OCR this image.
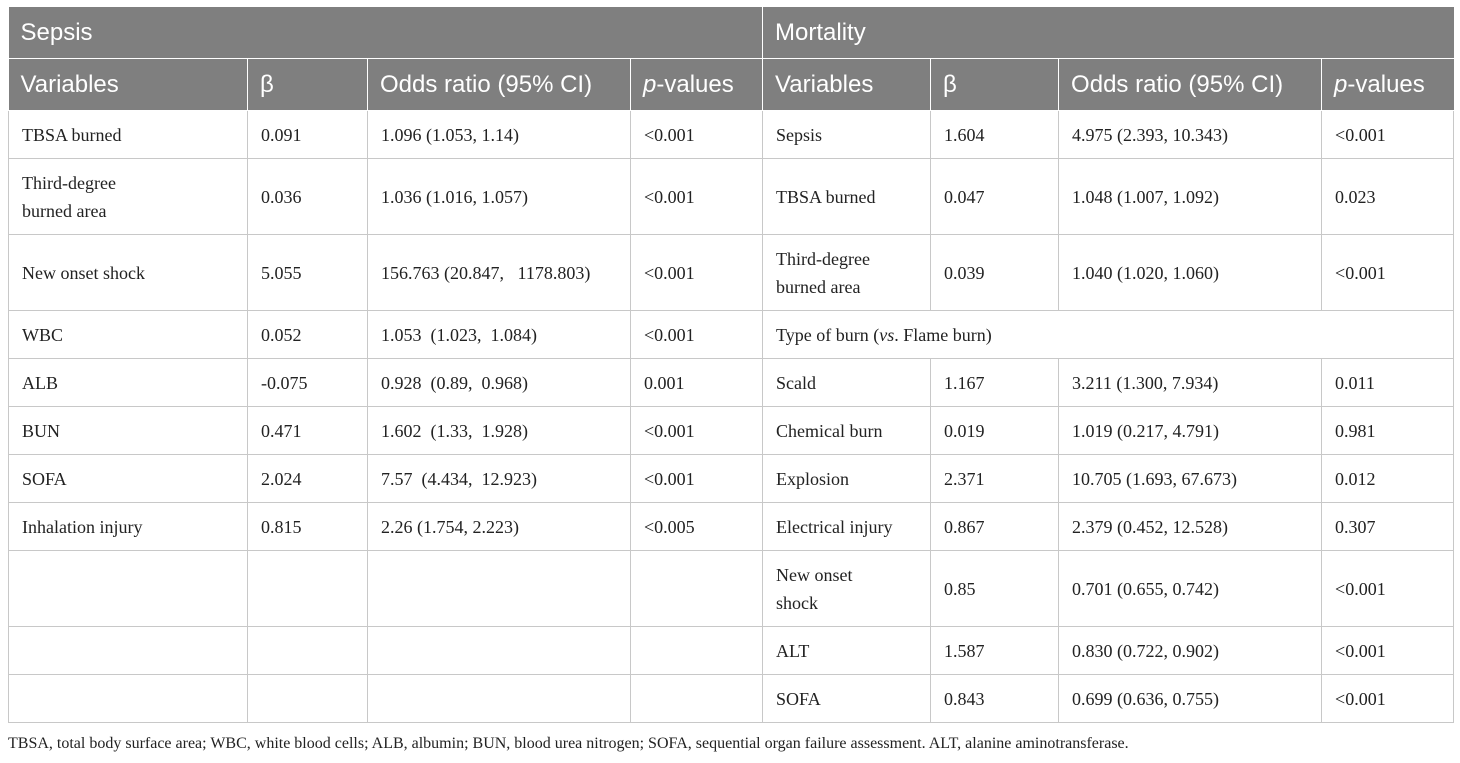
Sepsis				Mortality			
Variables	β	Odds ratio (95% CI)	p-values	Variables	β	Odds ratio (95% CI)	p-values
TBSA burned	0.091	1.096 (1.053, 1.14)	<0.001	Sepsis	1.604	4.975 (2.393, 10.343)	<0.001
Third-degree burned area	0.036	1.036 (1.016, 1.057)	<0.001	TBSA burned	0.047	1.048 (1.007, 1.092)	0.023
New onset shock	5.055	156.763 (20.847,   1178.803)	<0.001	Third-degree burned area	0.039	1.040 (1.020, 1.060)	<0.001
WBC	0.052	1.053  (1.023,  1.084)	<0.001	Type of burn (vs. Flame burn)			
ALB	-0.075	0.928  (0.89,  0.968)	0.001	Scald	1.167	3.211 (1.300, 7.934)	0.011
BUN	0.471	1.602  (1.33,  1.928)	<0.001	Chemical burn	0.019	1.019 (0.217, 4.791)	0.981
SOFA	2.024	7.57  (4.434,  12.923)	<0.001	Explosion	2.371	10.705 (1.693, 67.673)	0.012
Inhalation injury	0.815	2.26 (1.754, 2.223)	<0.005	Electrical injury	0.867	2.379 (0.452, 12.528)	0.307
				New onset shock	0.85	0.701 (0.655, 0.742)	<0.001
				ALT	1.587	0.830 (0.722, 0.902)	<0.001
				SOFA	0.843	0.699 (0.636, 0.755)	<0.001
TBSA, total body surface area; WBC, white blood cells; ALB, albumin; BUN, blood urea nitrogen; SOFA, sequential organ failure assessment. ALT, alanine aminotransferase.
